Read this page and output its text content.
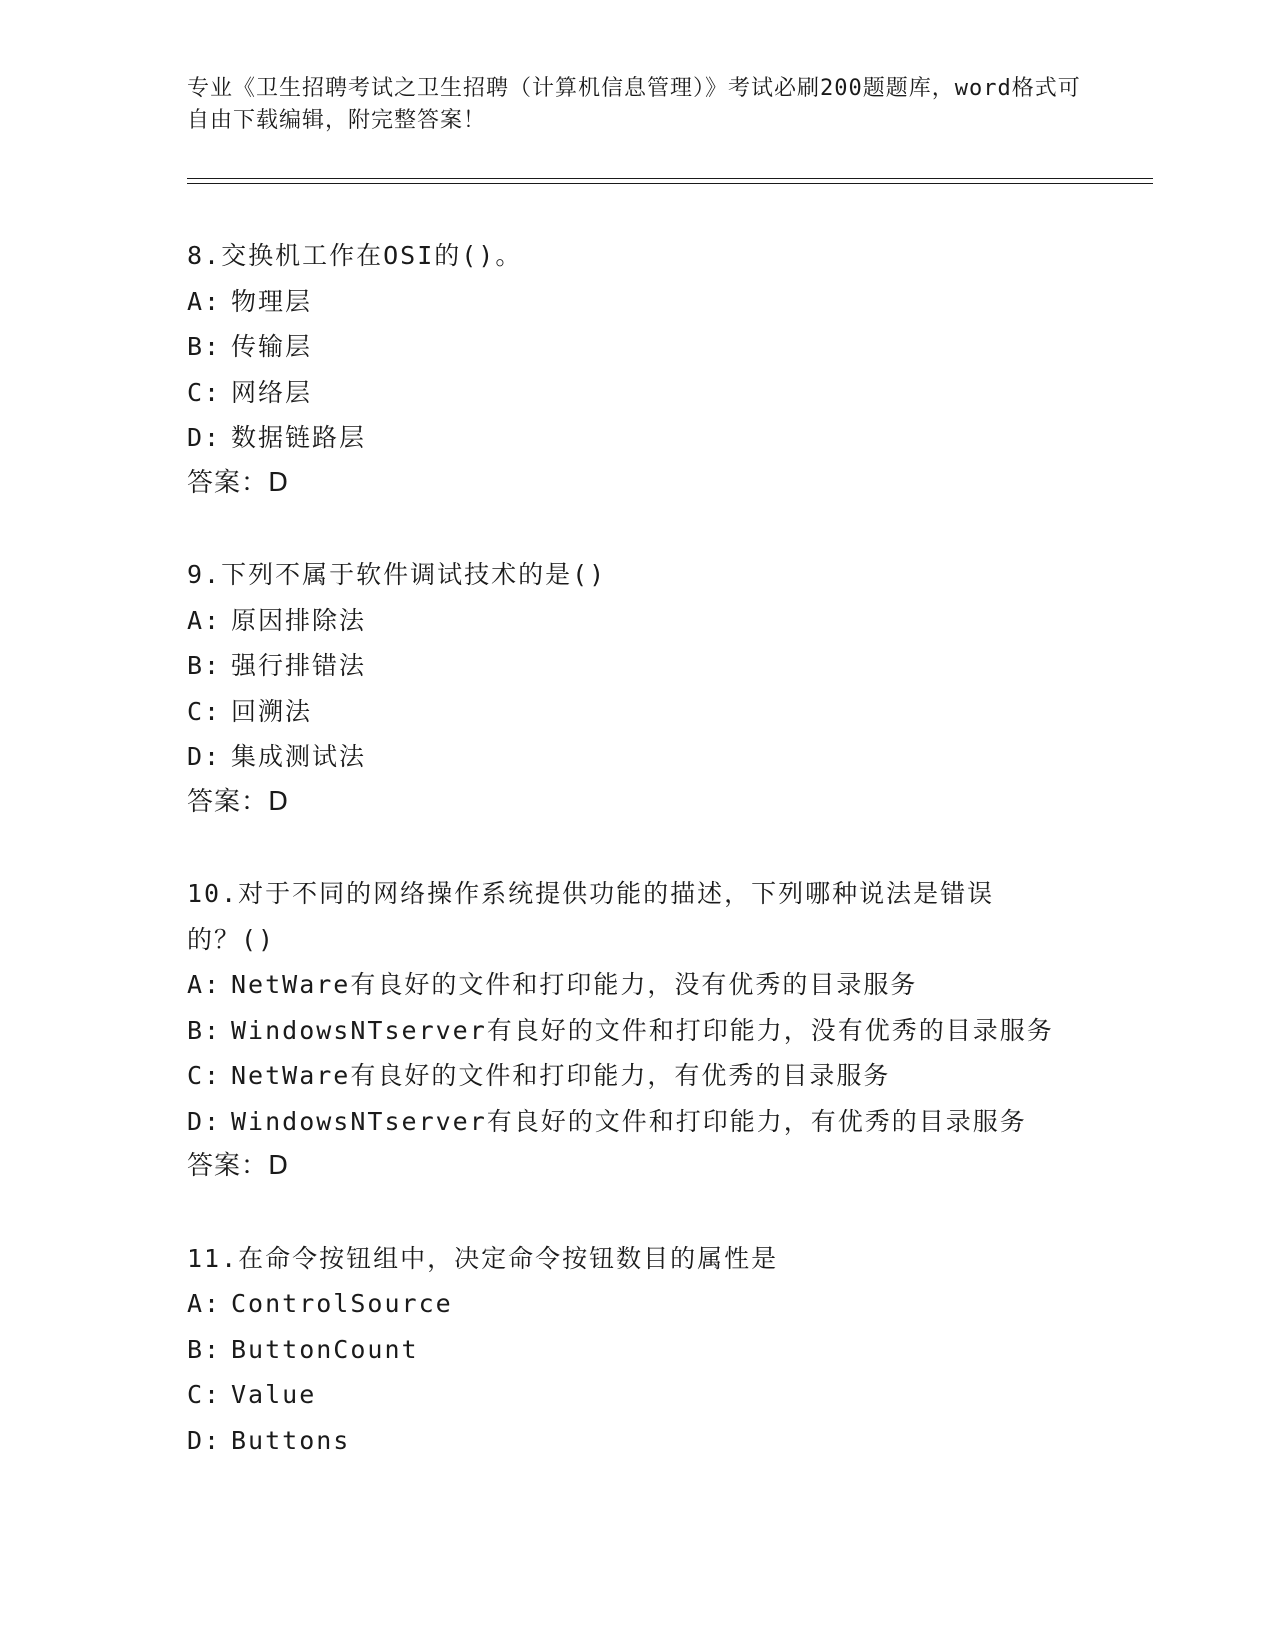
专业《卫生招聘考试之卫生招聘（计算机信息管理）》考试必刷200题题库，word格式可自由下载编辑，附完整答案！
8.交换机工作在OSI的()。
A: 物理层
B: 传输层
C: 网络层
D: 数据链路层
答案：D
9.下列不属于软件调试技术的是()
A: 原因排除法
B: 强行排错法
C: 回溯法
D: 集成测试法
答案：D
10.对于不同的网络操作系统提供功能的描述，下列哪种说法是错误的？()
A: NetWare有良好的文件和打印能力，没有优秀的目录服务
B: WindowsNTserver有良好的文件和打印能力，没有优秀的目录服务
C: NetWare有良好的文件和打印能力，有优秀的目录服务
D: WindowsNTserver有良好的文件和打印能力，有优秀的目录服务
答案：D
11.在命令按钮组中，决定命令按钮数目的属性是
A: ControlSource
B: ButtonCount
C: Value
D: Buttons
